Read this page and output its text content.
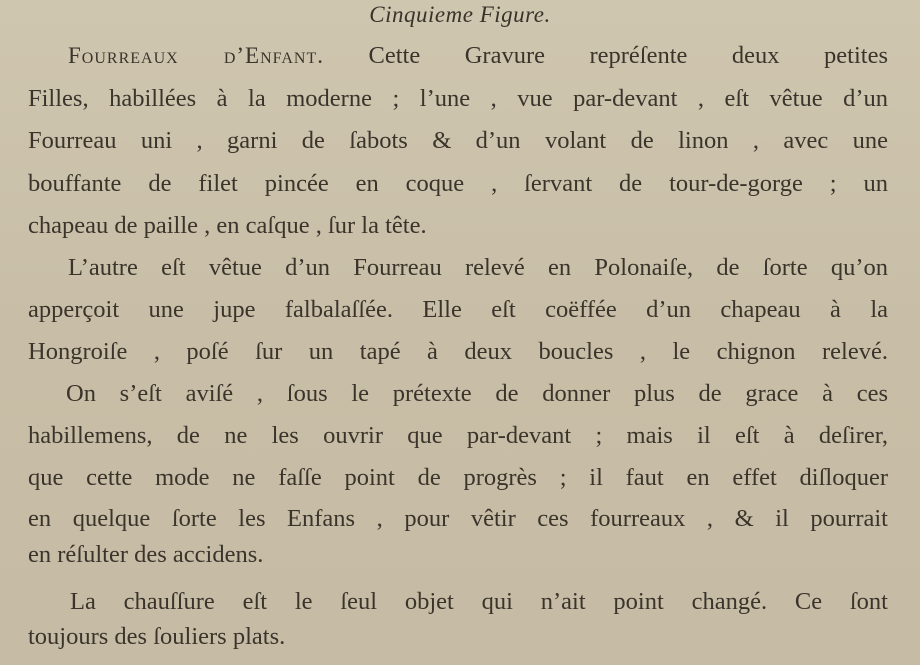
Cinquieme Figure.
Fourreaux d’Enfant. Cette Gravure repréſente deux petites
Filles, habillées à la moderne ; l’une , vue par-devant , eſt vêtue d’un
Fourreau uni , garni de ſabots & d’un volant de linon , avec une
bouffante de filet pincée en coque , ſervant de tour-de-gorge ; un
chapeau de paille , en caſque , ſur la tête.
L’autre eſt vêtue d’un Fourreau relevé en Polonaiſe, de ſorte qu’on
apperçoit une jupe falbalaſſée. Elle eſt coëffée d’un chapeau à la
Hongroiſe , poſé ſur un tapé à deux boucles , le chignon relevé.
On s’eſt aviſé , ſous le prétexte de donner plus de grace à ces
habillemens, de ne les ouvrir que par-devant ; mais il eſt à deſirer,
que cette mode ne faſſe point de progrès ; il faut en effet diſloquer
en quelque ſorte les Enfans , pour vêtir ces fourreaux , & il pourrait
en réſulter des accidens.
La chauſſure eſt le ſeul objet qui n’ait point changé. Ce ſont
toujours des ſouliers plats.
